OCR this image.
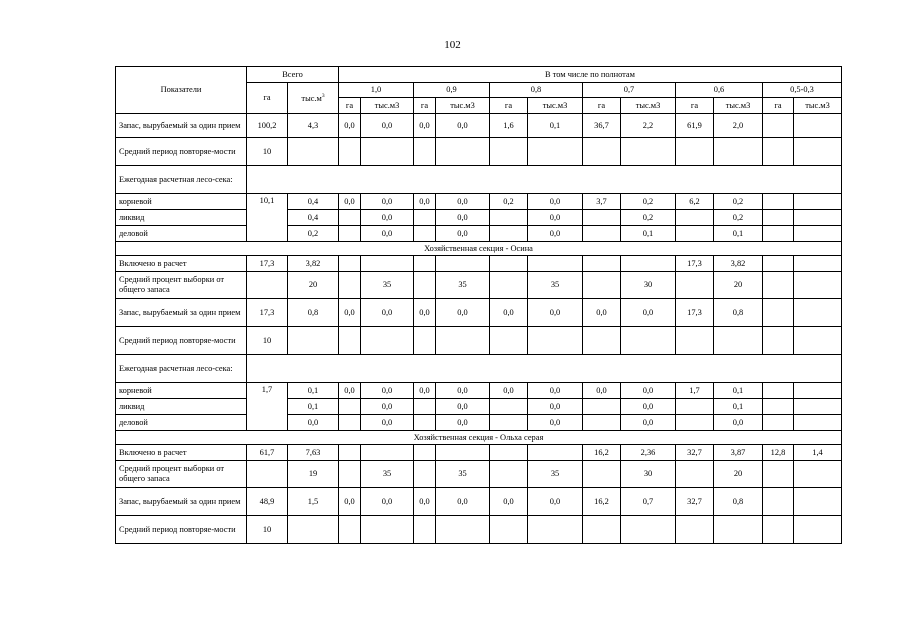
102
Показатели	Всего		В том числе по полнотам											
	га	$тыс.м^3$	1,0		0,9		0,8		0,7		0,6		0,5-0,3	
			га	тыс.м3	га	тыс.м3	га	тыс.м3	га	тыс.м3	га	тыс.м3	га	тыс.м3
Запас, вырубаемый за один прием	100,2	4,3	0,0	0,0	0,0	0,0	1,6	0,1	36,7	2,2	61,9	2,0		
Средний период повторяе-мости	10													
Ежегодная расчетная лесо-сека:														
корневой	10,1	0,4	0,0	0,0	0,0	0,0	0,2	0,0	3,7	0,2	6,2	0,2		
ликвид		0,4		0,0		0,0		0,0		0,2		0,2		
деловой		0,2		0,0		0,0		0,0		0,1		0,1		
Хозяйственная секция - Осина														
Включено в расчет	17,3	3,82									17,3	3,82		
Средний процент выборки от общего запаса		20		35		35		35		30		20		
Запас, вырубаемый за один прием	17,3	0,8	0,0	0,0	0,0	0,0	0,0	0,0	0,0	0,0	17,3	0,8		
Средний период повторяе-мости	10													
Ежегодная расчетная лесо-сека:														
корневой	1,7	0,1	0,0	0,0	0,0	0,0	0,0	0,0	0,0	0,0	1,7	0,1		
ликвид		0,1		0,0		0,0		0,0		0,0		0,1		
деловой		0,0		0,0		0,0		0,0		0,0		0,0		
Хозяйственная секция - Ольха серая														
Включено в расчет	61,7	7,63							16,2	2,36	32,7	3,87	12,8	1,4
Средний процент выборки от общего запаса		19		35		35		35		30		20		
Запас, вырубаемый за один прием	48,9	1,5	0,0	0,0	0,0	0,0	0,0	0,0	16,2	0,7	32,7	0,8		
Средний период повторяе-мости	10													
